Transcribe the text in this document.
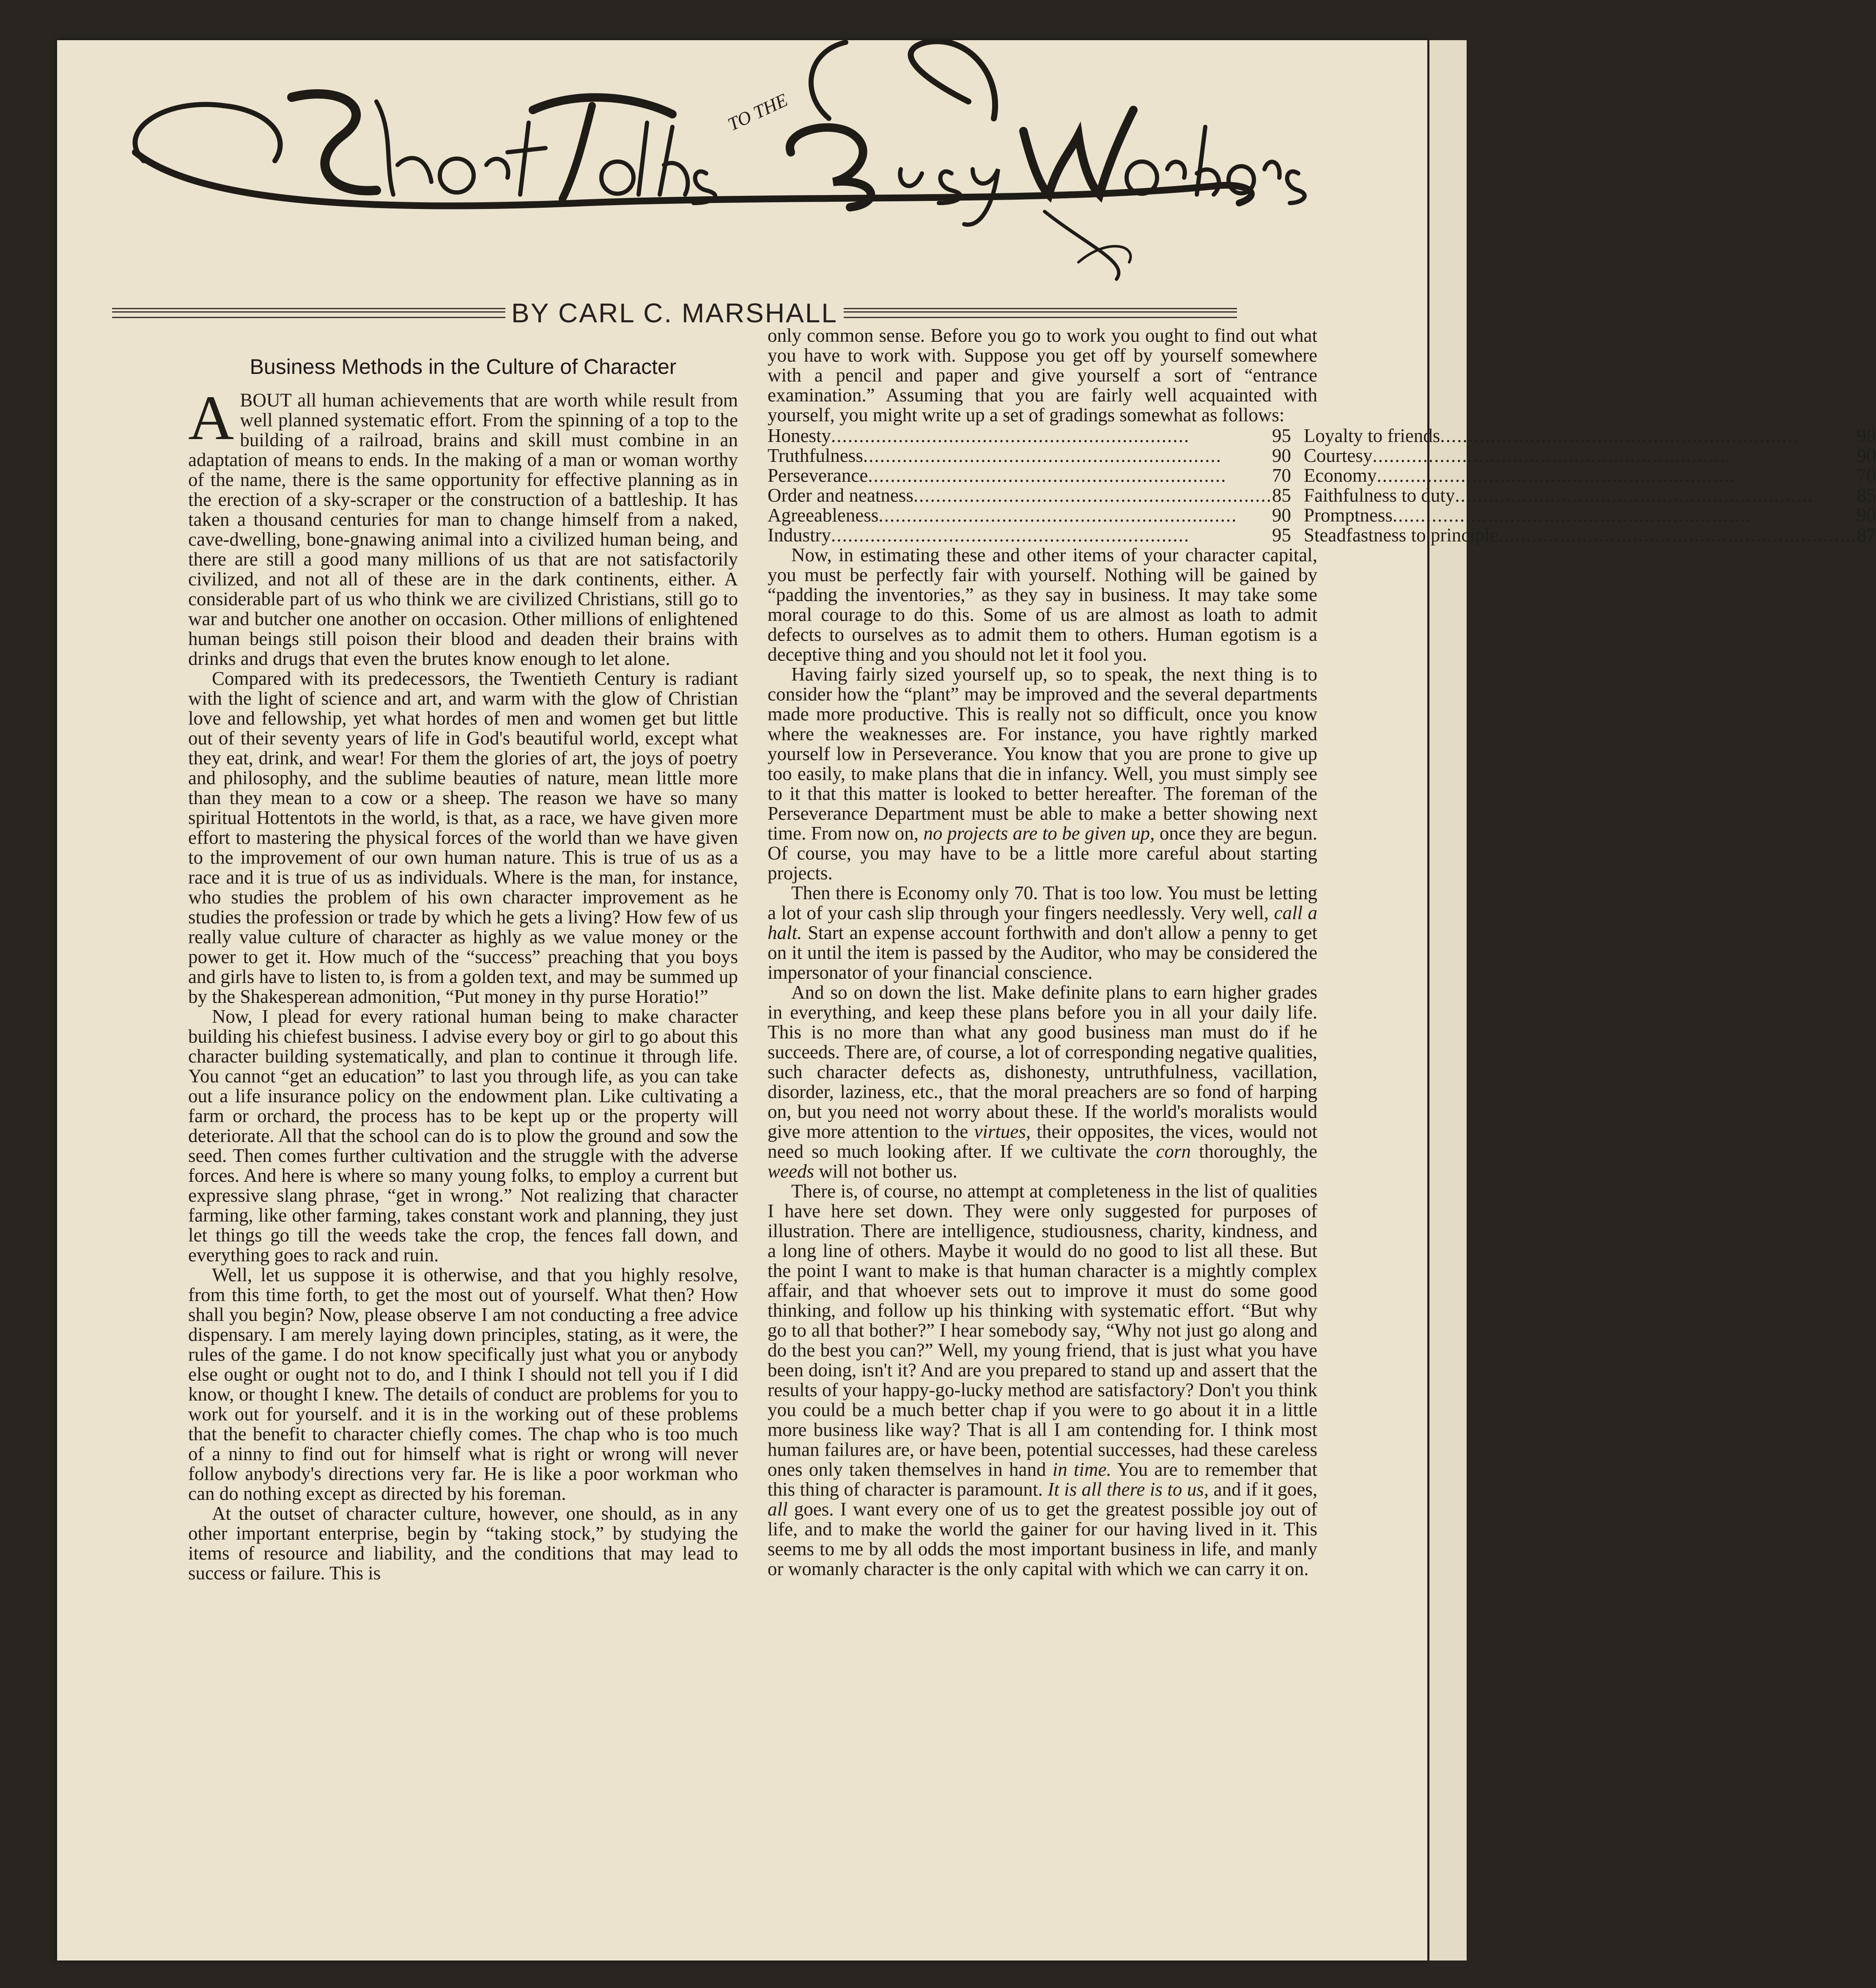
TO THE
BY CARL C. MARSHALL
Business Methods in the Culture of Character

ABOUT all human achievements that are worth while result from well planned systematic effort. From the spinning of a top to the building of a railroad, brains and skill must combine in an adaptation of means to ends. In the making of a man or woman worthy of the name, there is the same opportunity for effective planning as in the erection of a sky-scraper or the construction of a battleship. It has taken a thousand centuries for man to change himself from a naked, cave-dwelling, bone-gnawing animal into a civilized human being, and there are still a good many millions of us that are not satisfactorily civilized, and not all of these are in the dark continents, either. A considerable part of us who think we are civilized Christians, still go to war and butcher one another on occasion. Other millions of enlightened human beings still poison their blood and deaden their brains with drinks and drugs that even the brutes know enough to let alone.

Compared with its predecessors, the Twentieth Century is radiant with the light of science and art, and warm with the glow of Christian love and fellowship, yet what hordes of men and women get but little out of their seventy years of life in God's beautiful world, except what they eat, drink, and wear! For them the glories of art, the joys of poetry and philosophy, and the sublime beauties of nature, mean little more than they mean to a cow or a sheep. The reason we have so many spiritual Hottentots in the world, is that, as a race, we have given more effort to mastering the physical forces of the world than we have given to the improvement of our own human nature. This is true of us as a race and it is true of us as individuals. Where is the man, for instance, who studies the problem of his own character improvement as he studies the profession or trade by which he gets a living? How few of us really value culture of character as highly as we value money or the power to get it. How much of the “success” preaching that you boys and girls have to listen to, is from a golden text, and may be summed up by the Shakesperean admonition, “Put money in thy purse Horatio!”

Now, I plead for every rational human being to make character building his chiefest business. I advise every boy or girl to go about this character building systematically, and plan to continue it through life. You cannot “get an education” to last you through life, as you can take out a life insurance policy on the endowment plan. Like cultivating a farm or orchard, the process has to be kept up or the property will deteriorate. All that the school can do is to plow the ground and sow the seed. Then comes further cultivation and the struggle with the adverse forces. And here is where so many young folks, to employ a current but expressive slang phrase, “get in wrong.” Not realizing that character farming, like other farming, takes constant work and planning, they just let things go till the weeds take the crop, the fences fall down, and everything goes to rack and ruin.

Well, let us suppose it is otherwise, and that you highly resolve, from this time forth, to get the most out of yourself. What then? How shall you begin? Now, please observe I am not conducting a free advice dispensary. I am merely laying down principles, stating, as it were, the rules of the game. I do not know specifically just what you or anybody else ought or ought not to do, and I think I should not tell you if I did know, or thought I knew. The details of conduct are problems for you to work out for yourself. and it is in the working out of these problems that the benefit to character chiefly comes. The chap who is too much of a ninny to find out for himself what is right or wrong will never follow anybody's directions very far. He is like a poor workman who can do nothing except as directed by his foreman.

At the outset of character culture, however, one should, as in any other important enterprise, begin by “taking stock,” by studying the items of resource and liability, and the conditions that may lead to success or failure. This is

only common sense. Before you go to work you ought to find out what you have to work with. Suppose you get off by yourself somewhere with a pencil and paper and give yourself a sort of “entrance examination.” Assuming that you are fairly well acquainted with yourself, you might write up a set of gradings somewhat as follows:

Honesty .....	95 Loyalty to friends .....	98
Truthfulness .....	90 Courtesy .....	90
Perseverance .....	70 Economy .....	70
Order and neatness .....	85 Faithfulness to duty .....	85
Agreeableness .....	90 Promptness .....	90
Industry .....	95 Steadfastness to principle .....	87

Now, in estimating these and other items of your character capital, you must be perfectly fair with yourself. Nothing will be gained by “padding the inventories,” as they say in business. It may take some moral courage to do this. Some of us are almost as loath to admit defects to ourselves as to admit them to others. Human egotism is a deceptive thing and you should not let it fool you.

Having fairly sized yourself up, so to speak, the next thing is to consider how the “plant” may be improved and the several departments made more productive. This is really not so difficult, once you know where the weaknesses are. For instance, you have rightly marked yourself low in Perseverance. You know that you are prone to give up too easily, to make plans that die in infancy. Well, you must simply see to it that this matter is looked to better hereafter. The foreman of the Perseverance Department must be able to make a better showing next time. From now on, no projects are to be given up, once they are begun. Of course, you may have to be a little more careful about starting projects.

Then there is Economy only 70. That is too low. You must be letting a lot of your cash slip through your fingers needlessly. Very well, call a halt. Start an expense account forthwith and don't allow a penny to get on it until the item is passed by the Auditor, who may be considered the impersonator of your financial conscience.

And so on down the list. Make definite plans to earn higher grades in everything, and keep these plans before you in all your daily life. This is no more than what any good business man must do if he succeeds. There are, of course, a lot of corresponding negative qualities, such character defects as, dishonesty, untruthfulness, vacillation, disorder, laziness, etc., that the moral preachers are so fond of harping on, but you need not worry about these. If the world's moralists would give more attention to the virtues, their opposites, the vices, would not need so much looking after. If we cultivate the corn thoroughly, the weeds will not bother us.

There is, of course, no attempt at completeness in the list of qualities I have here set down. They were only suggested for purposes of illustration. There are intelligence, studiousness, charity, kindness, and a long line of others. Maybe it would do no good to list all these. But the point I want to make is that human character is a mightly complex affair, and that whoever sets out to improve it must do some good thinking, and follow up his thinking with systematic effort. “But why go to all that bother?” I hear somebody say, “Why not just go along and do the best you can?” Well, my young friend, that is just what you have been doing, isn't it? And are you prepared to stand up and assert that the results of your happy-go-lucky method are satisfactory? Don't you think you could be a much better chap if you were to go about it in a little more business like way? That is all I am contending for. I think most human failures are, or have been, potential successes, had these careless ones only taken themselves in hand in time. You are to remember that this thing of character is paramount. It is all there is to us, and if it goes, all goes. I want every one of us to get the greatest possible joy out of life, and to make the world the gainer for our having lived in it. This seems to me by all odds the most important business in life, and manly or womanly character is the only capital with which we can carry it on.
